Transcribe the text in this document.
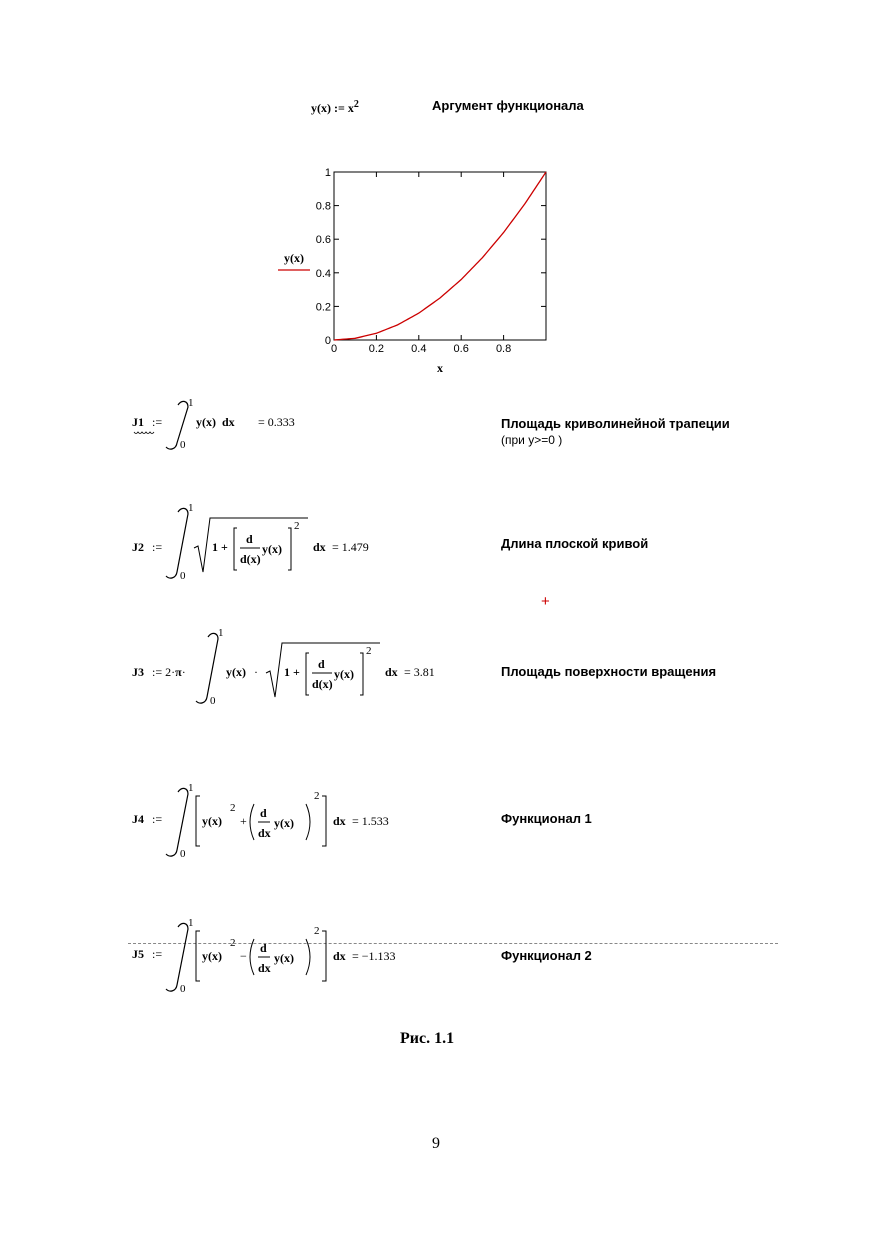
y(x) := $x^2$	Аргумент функционала
0	0.2 0.4 0.6 0.8
0
0.2
0.4
0.6
0.8
1
y(x)
x
J1 :=
1
0
y(x)  dx = 0.333	Площадь криволинейной трапеции
(при y>=0 )
J2 :=
1
0
1 +
d
d(x)
y(x)
2
dx = 1.479	Длина плоской кривой
+
J3 := 2·π·
1
0
y(x) · 1 +
d
d(x)
y(x)
2
dx = 3.81	Площадь поверхности вращения
J4 :=
1
0
y(x)
2
+
d
dx
y(x)
2
dx = 1.533	Функционал 1
J5 :=
1
0
y(x)
2
−
d
dx
y(x)
2
dx = −1.133	Функционал 2
Рис. 1.1
9
